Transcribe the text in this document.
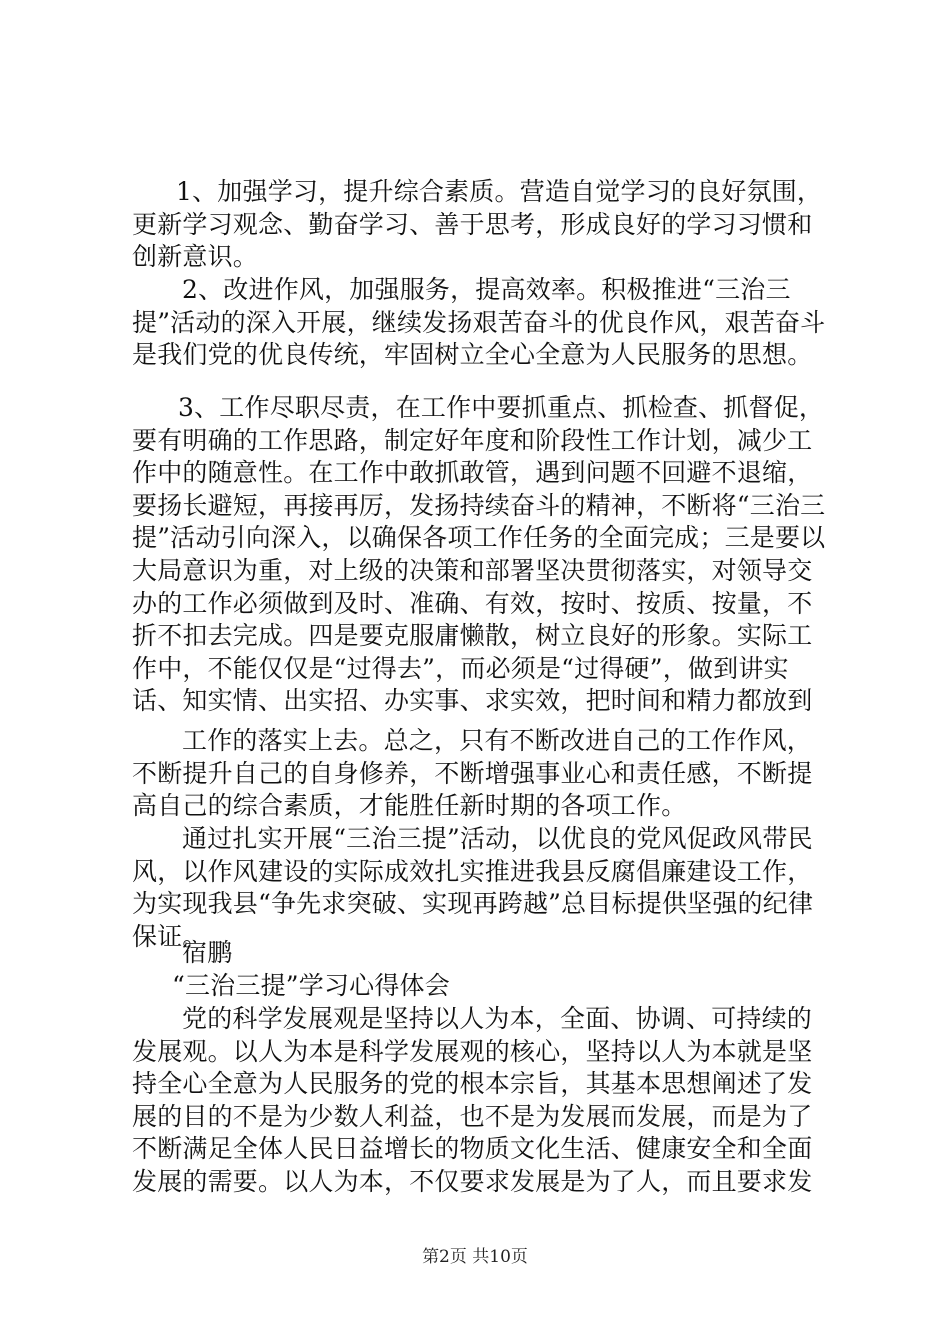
1、加强学习，提升综合素质。营造自觉学习的良好氛围，更新学习观念、勤奋学习、善于思考，形成良好的学习习惯和创新意识。

2、改进作风，加强服务，提高效率。积极推进“三治三提”活动的深入开展，继续发扬艰苦奋斗的优良作风，艰苦奋斗是我们党的优良传统，牢固树立全心全意为人民服务的思想。

3、工作尽职尽责，在工作中要抓重点、抓检查、抓督促，要有明确的工作思路，制定好年度和阶段性工作计划，减少工作中的随意性。在工作中敢抓敢管，遇到问题不回避不退缩，要扬长避短，再接再厉，发扬持续奋斗的精神，不断将“三治三提”活动引向深入，以确保各项工作任务的全面完成；三是要以大局意识为重，对上级的决策和部署坚决贯彻落实，对领导交办的工作必须做到及时、准确、有效，按时、按质、按量，不折不扣去完成。四是要克服庸懒散，树立良好的形象。实际工作中，不能仅仅是“过得去”，而必须是“过得硬”，做到讲实话、知实情、出实招、办实事、求实效，把时间和精力都放到

工作的落实上去。总之，只有不断改进自己的工作作风，不断提升自己的自身修养，不断增强事业心和责任感，不断提高自己的综合素质，才能胜任新时期的各项工作。

通过扎实开展“三治三提”活动，以优良的党风促政风带民风，以作风建设的实际成效扎实推进我县反腐倡廉建设工作，为实现我县“争先求突破、实现再跨越”总目标提供坚强的纪律保证。

宿鹏

“三治三提”学习心得体会

党的科学发展观是坚持以人为本，全面、协调、可持续的发展观。以人为本是科学发展观的核心，坚持以人为本就是坚持全心全意为人民服务的党的根本宗旨，其基本思想阐述了发展的目的不是为少数人利益，也不是为发展而发展，而是为了不断满足全体人民日益增长的物质文化生活、健康安全和全面发展的需要。以人为本，不仅要求发展是为了人，而且要求发

第2页 共10页
